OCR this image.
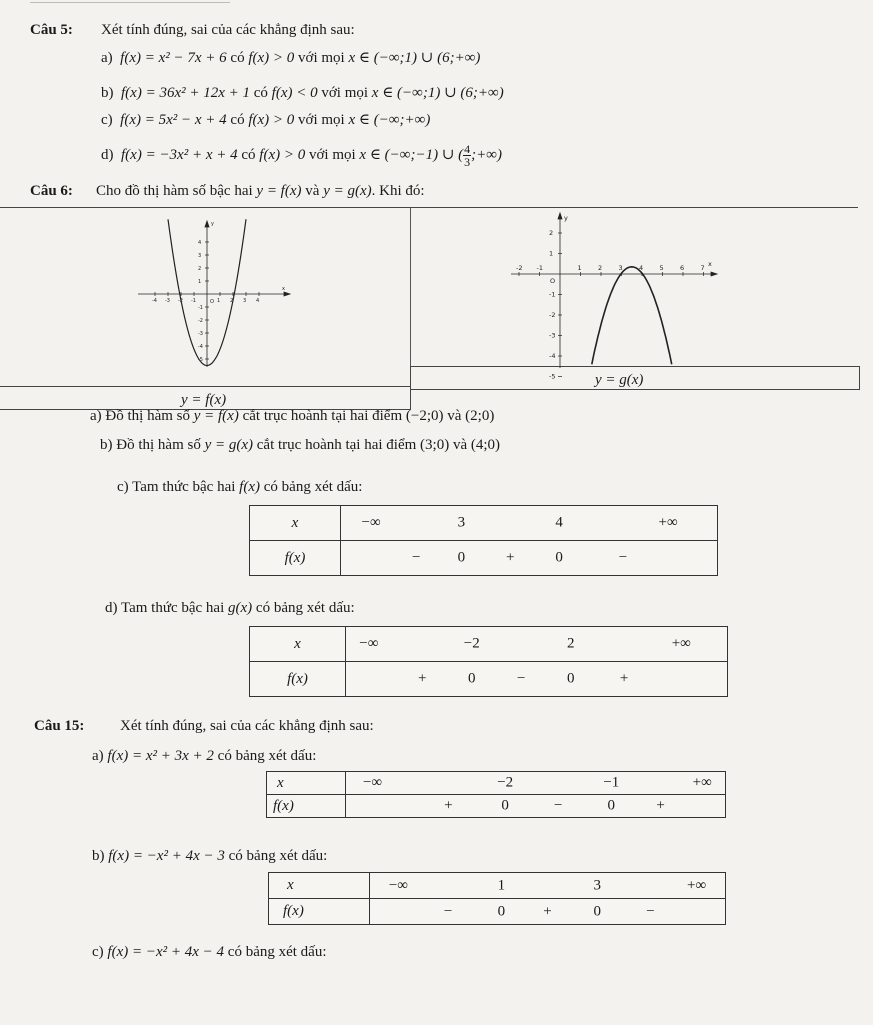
Câu 5: Xét tính đúng, sai của các khẳng định sau:
a) f(x) = x² − 7x + 6 có f(x) > 0 với mọi x ∈ (−∞;1) ∪ (6;+∞)
b) f(x) = 36x² + 12x + 1 có f(x) < 0 với mọi x ∈ (−∞;1) ∪ (6;+∞)
c) f(x) = 5x² − x + 4 có f(x) > 0 với mọi x ∈ (−∞;+∞)
d) f(x) = −3x² + x + 4 có f(x) > 0 với mọi x ∈ (−∞;−1) ∪ ( $\frac{4}{3}$ ;+∞)
Câu 6: Cho đồ thị hàm số bậc hai y = f(x) và y = g(x). Khi đó:
y = f(x)
y = g(x)
-4 -3 -2 -1	1 2 3 4
4
3
2
1
-1
-2
-3
-4
-5
O
x
y
-2 -1	1	2	3	4	5	6	7
2
1
-1
-2
-3
-4
-5
O
x
y
a) Đồ thị hàm số y = f(x) cắt trục hoành tại hai điểm (−2;0) và (2;0)
b) Đồ thị hàm số y = g(x) cắt trục hoành tại hai điểm (3;0) và (4;0)
c) Tam thức bậc hai f(x) có bảng xét dấu:
d) Tam thức bậc hai g(x) có bảng xét dấu:
x	−∞ 3 4 +∞

f(x)	− 0 + 0 −
x	−∞ −2 2 +∞

f(x)	+ 0 − 0 +
Câu 15: Xét tính đúng, sai của các khẳng định sau:
a) f(x) = x² + 3x + 2 có bảng xét dấu:
x	−∞ −2 −1 +∞

f(x)	+ 0 − 0 +
b) f(x) = −x² + 4x − 3 có bảng xét dấu:
x	−∞ 1 3 +∞

f(x)	− 0 + 0 −
c) f(x) = −x² + 4x − 4 có bảng xét dấu:
